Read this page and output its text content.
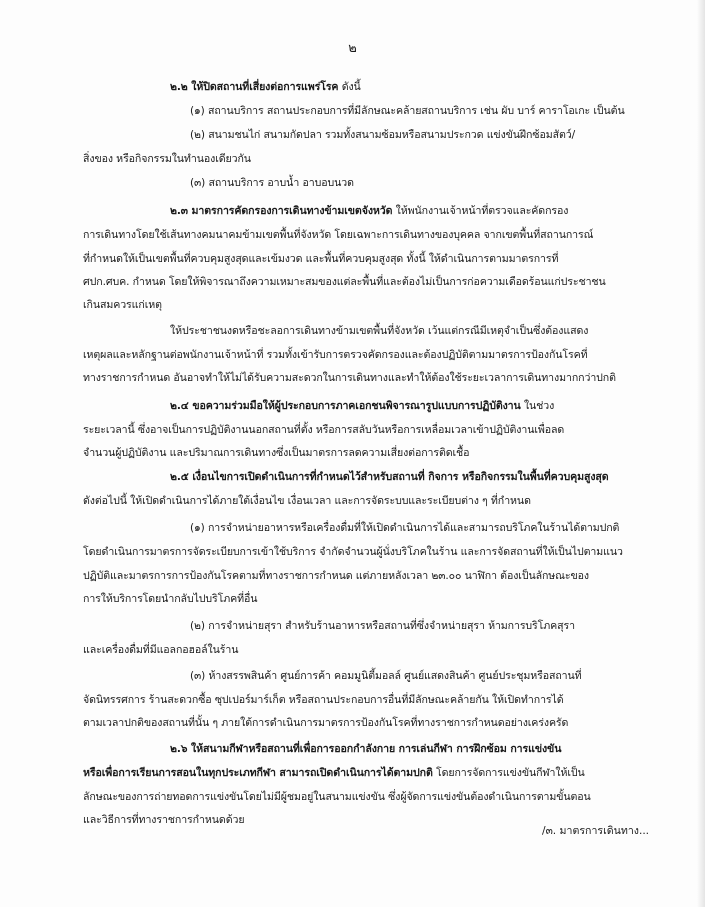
๒
๒.๒ ให้ปิดสถานที่เสี่ยงต่อการแพร่โรค ดังนี้
(๑) สถานบริการ สถานประกอบการที่มีลักษณะคล้ายสถานบริการ เช่น ผับ บาร์ คาราโอเกะ เป็นต้น
(๒) สนามชนไก่ สนามกัดปลา รวมทั้งสนามซ้อมหรือสนามประกวด แข่งขันฝึกซ้อมสัตว์/
สิ่งของ หรือกิจกรรมในทำนองเดียวกัน
(๓) สถานบริการ อาบน้ำ อาบอบนวด
๒.๓ มาตรการคัดกรองการเดินทางข้ามเขตจังหวัด ให้พนักงานเจ้าหน้าที่ตรวจและคัดกรอง
การเดินทางโดยใช้เส้นทางคมนาคมข้ามเขตพื้นที่จังหวัด โดยเฉพาะการเดินทางของบุคคล จากเขตพื้นที่สถานการณ์
ที่กำหนดให้เป็นเขตพื้นที่ควบคุมสูงสุดและเข้มงวด และพื้นที่ควบคุมสูงสุด ทั้งนี้ ให้ดำเนินการตามมาตรการที่
ศปก.ศบค. กำหนด โดยให้พิจารณาถึงความเหมาะสมของแต่ละพื้นที่และต้องไม่เป็นการก่อความเดือดร้อนแก่ประชาชน
เกินสมควรแก่เหตุ
ให้ประชาชนงดหรือชะลอการเดินทางข้ามเขตพื้นที่จังหวัด เว้นแต่กรณีมีเหตุจำเป็นซึ่งต้องแสดง
เหตุผลและหลักฐานต่อพนักงานเจ้าหน้าที่ รวมทั้งเข้ารับการตรวจคัดกรองและต้องปฏิบัติตามมาตรการป้องกันโรคที่
ทางราชการกำหนด อันอาจทำให้ไม่ได้รับความสะดวกในการเดินทางและทำให้ต้องใช้ระยะเวลาการเดินทางมากกว่าปกติ
๒.๔ ขอความร่วมมือให้ผู้ประกอบการภาคเอกชนพิจารณารูปแบบการปฏิบัติงาน ในช่วง
ระยะเวลานี้ ซึ่งอาจเป็นการปฏิบัติงานนอกสถานที่ตั้ง หรือการสลับวันหรือการเหลื่อมเวลาเข้าปฏิบัติงานเพื่อลด
จำนวนผู้ปฏิบัติงาน และปริมาณการเดินทางซึ่งเป็นมาตรการลดความเสี่ยงต่อการติดเชื้อ
๒.๕ เงื่อนไขการเปิดดำเนินการที่กำหนดไว้สำหรับสถานที่ กิจการ หรือกิจกรรมในพื้นที่ควบคุมสูงสุด
ดังต่อไปนี้ ให้เปิดดำเนินการได้ภายใต้เงื่อนไข เงื่อนเวลา และการจัดระบบและระเบียบต่าง ๆ ที่กำหนด
(๑) การจำหน่ายอาหารหรือเครื่องดื่มที่ให้เปิดดำเนินการได้และสามารถบริโภคในร้านได้ตามปกติ
โดยดำเนินการมาตรการจัดระเบียบการเข้าใช้บริการ จำกัดจำนวนผู้นั่งบริโภคในร้าน และการจัดสถานที่ให้เป็นไปตามแนว
ปฏิบัติและมาตรการการป้องกันโรคตามที่ทางราชการกำหนด แต่ภายหลังเวลา ๒๓.๐๐ นาฬิกา ต้องเป็นลักษณะของ
การให้บริการโดยนำกลับไปบริโภคที่อื่น
(๒) การจำหน่ายสุรา สำหรับร้านอาหารหรือสถานที่ซึ่งจำหน่ายสุรา ห้ามการบริโภคสุรา
และเครื่องดื่มที่มีแอลกอฮอล์ในร้าน
(๓) ห้างสรรพสินค้า ศูนย์การค้า คอมมูนิตี้มอลล์ ศูนย์แสดงสินค้า ศูนย์ประชุมหรือสถานที่
จัดนิทรรศการ ร้านสะดวกซื้อ ซุปเปอร์มาร์เก็ต หรือสถานประกอบการอื่นที่มีลักษณะคล้ายกัน ให้เปิดทำการได้
ตามเวลาปกติของสถานที่นั้น ๆ ภายใต้การดำเนินการมาตรการป้องกันโรคที่ทางราชการกำหนดอย่างเคร่งครัด
๒.๖ ให้สนามกีฬาหรือสถานที่เพื่อการออกกำลังกาย การเล่นกีฬา การฝึกซ้อม การแข่งขัน
หรือเพื่อการเรียนการสอนในทุกประเภทกีฬา สามารถเปิดดำเนินการได้ตามปกติ โดยการจัดการแข่งขันกีฬาให้เป็น
ลักษณะของการถ่ายทอดการแข่งขันโดยไม่มีผู้ชมอยู่ในสนามแข่งขัน ซึ่งผู้จัดการแข่งขันต้องดำเนินการตามขั้นตอน
และวิธีการที่ทางราชการกำหนดด้วย
/๓. มาตรการเดินทาง...
